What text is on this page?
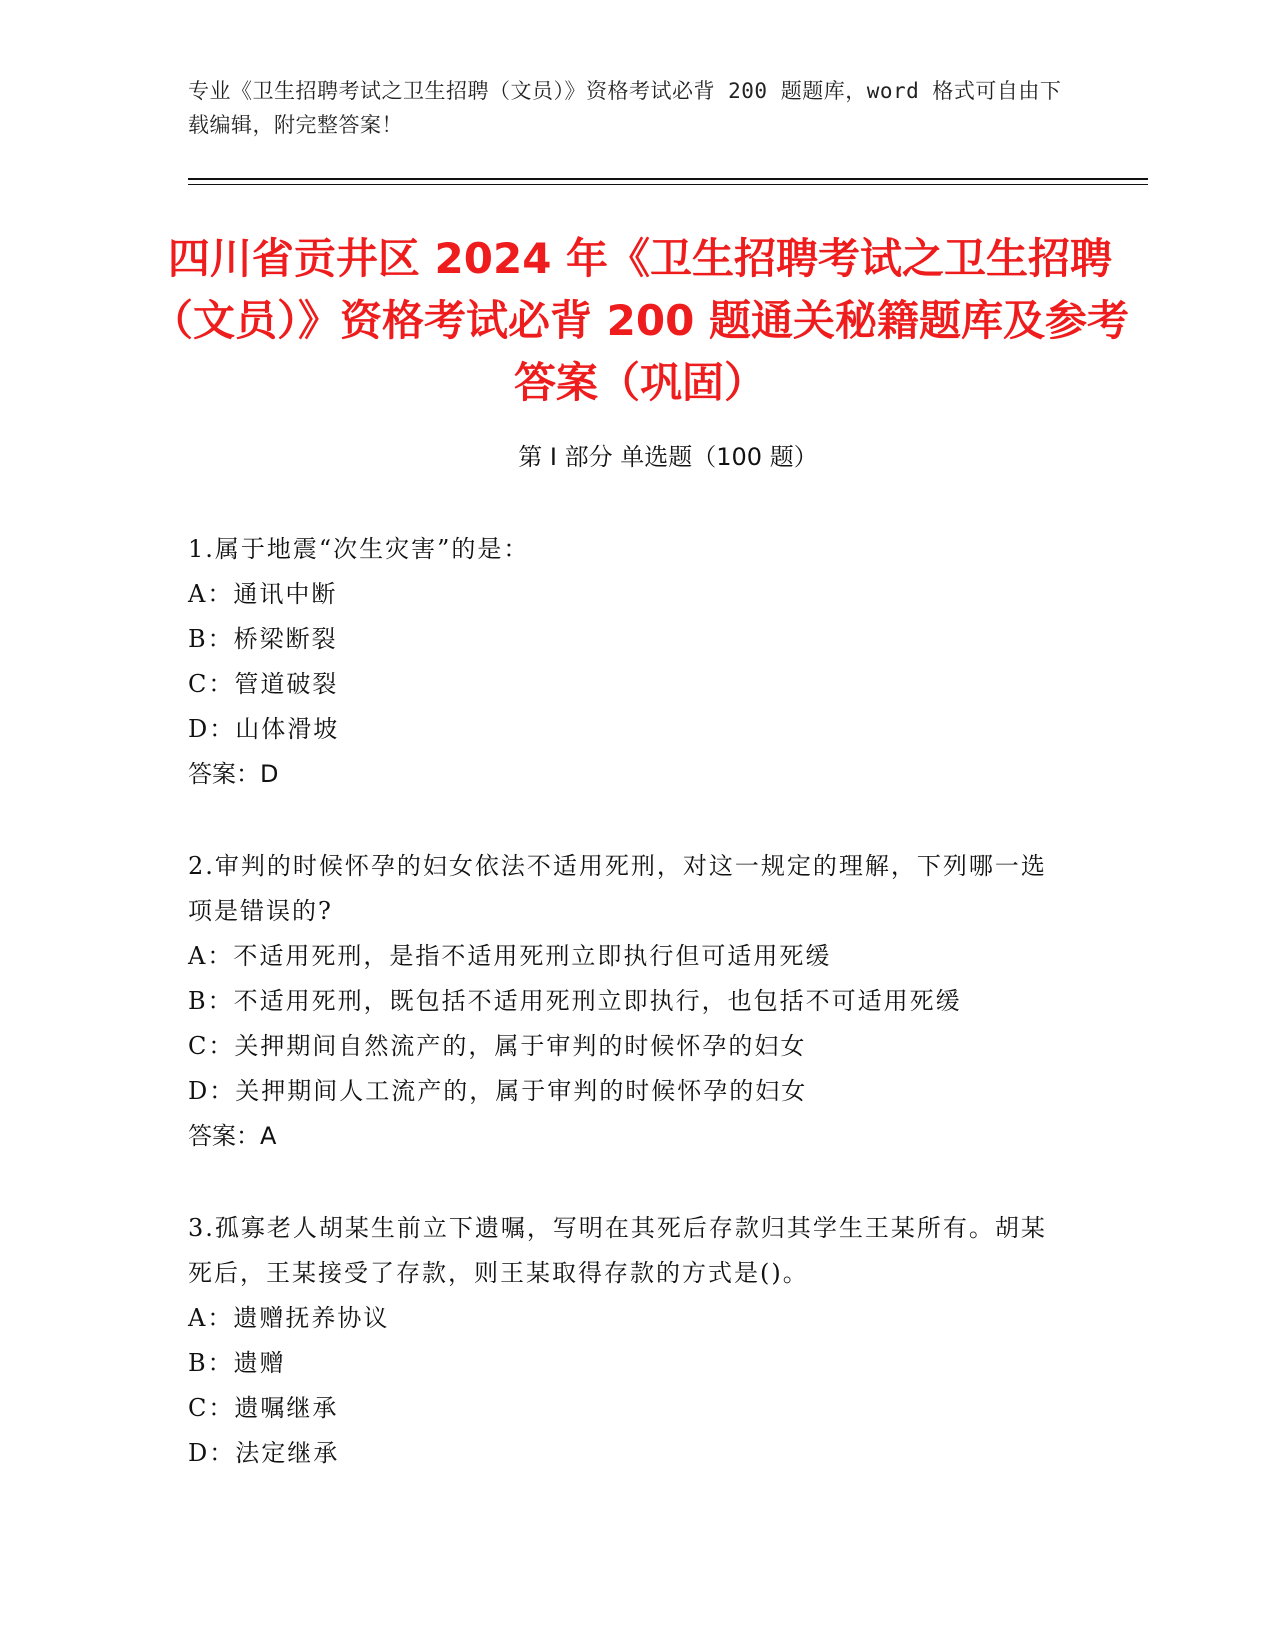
专业《卫生招聘考试之卫生招聘（文员）》资格考试必背 200 题题库，word 格式可自由下载编辑，附完整答案！
四川省贡井区 2024 年《卫生招聘考试之卫生招聘（文员）》资格考试必背 200 题通关秘籍题库及参考答案（巩固）
第 I 部分 单选题（100 题）
1.属于地震“次生灾害”的是：
A：通讯中断
B：桥梁断裂
C：管道破裂
D：山体滑坡
答案：D
2.审判的时候怀孕的妇女依法不适用死刑，对这一规定的理解，下列哪一选项是错误的?
A：不适用死刑，是指不适用死刑立即执行但可适用死缓
B：不适用死刑，既包括不适用死刑立即执行，也包括不可适用死缓
C：关押期间自然流产的，属于审判的时候怀孕的妇女
D：关押期间人工流产的，属于审判的时候怀孕的妇女
答案：A
3.孤寡老人胡某生前立下遗嘱，写明在其死后存款归其学生王某所有。胡某死后，王某接受了存款，则王某取得存款的方式是()。
A：遗赠抚养协议
B：遗赠
C：遗嘱继承
D：法定继承
